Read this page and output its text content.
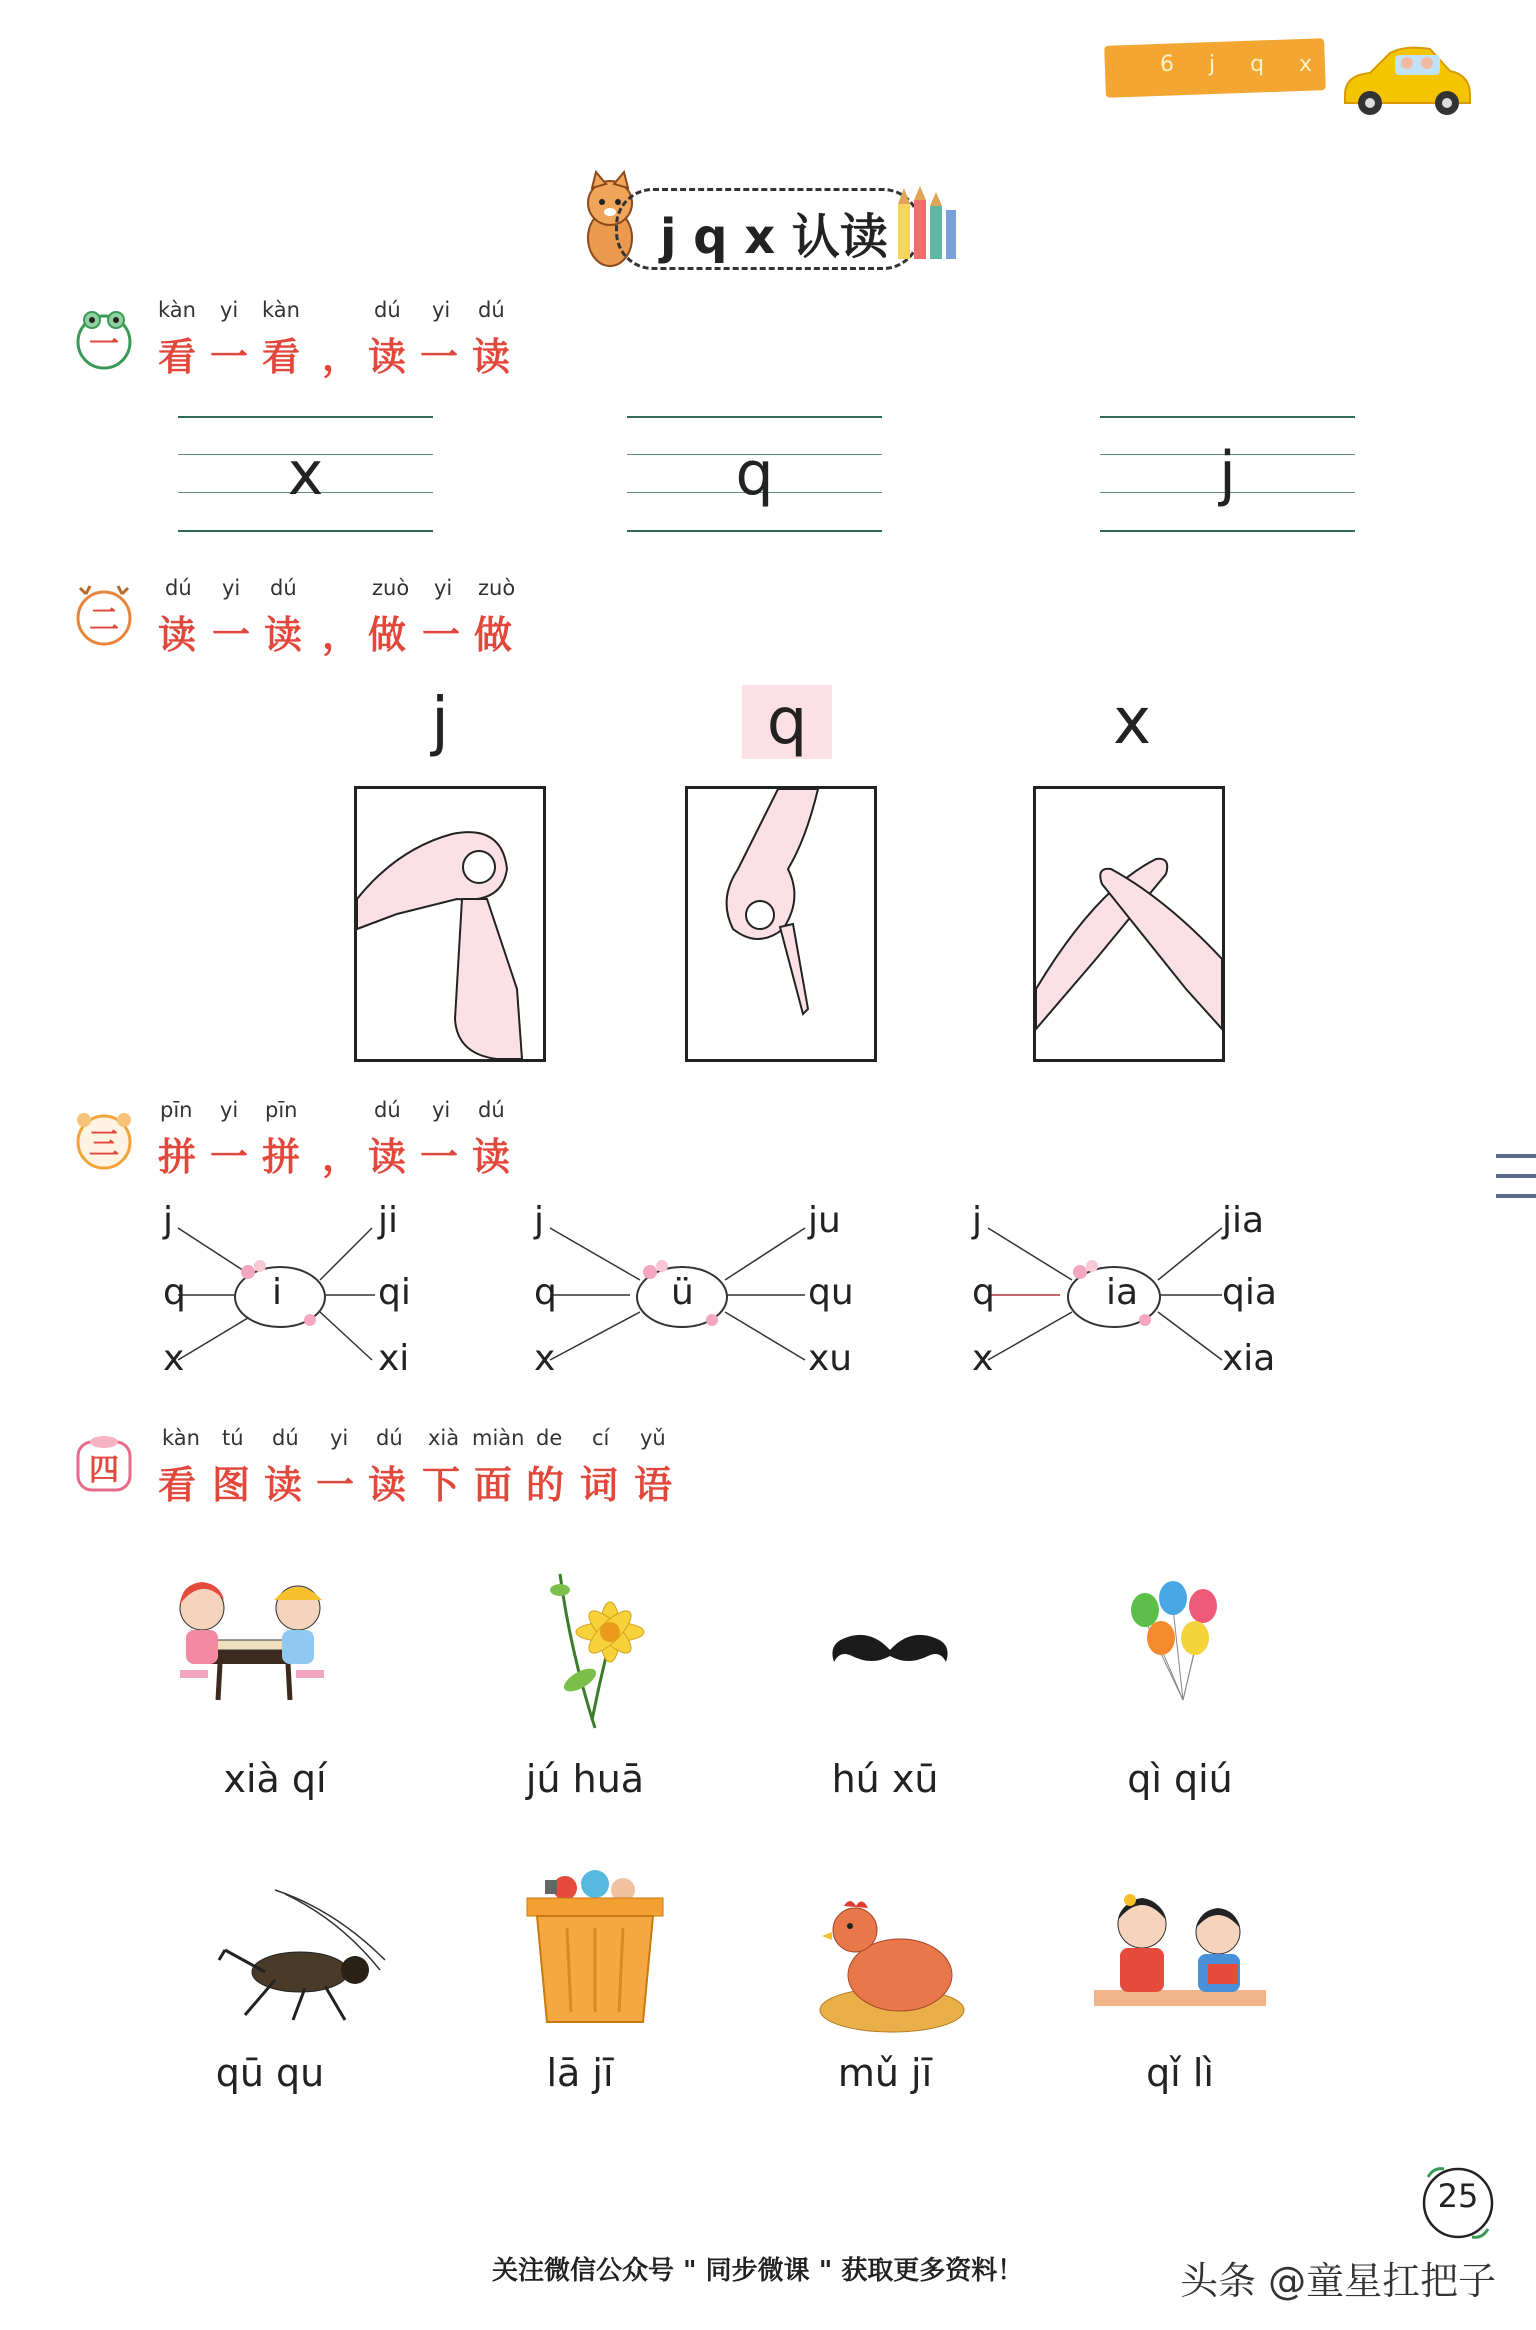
6 j q x
j q x 认读
一
kàn yi kàn	dú yi dú
看 一 看 ， 读 一 读
x	q	j
二
dú yi dú	zuò yi zuò
读 一 读 ， 做 一 做
j	q	x
三
pīn yi pīn	dú yi dú
拼 一 拼 ， 读 一 读
j
q
x
i
ji
qi
xi
j
q
x
ü
ju
qu
xu
j
q
x
ia
jia
qia
xia
四
kàn tú dú yi dú xià miàn de cí yǔ
看 图 读 一 读 下 面 的 词 语
xià qí	jú huā	hú xū	qì qiú
qū qu	lā jī	mǔ jī	qǐ lì
25
关注微信公众号 " 同步微课 " 获取更多资料！	头条 @童星扛把子
